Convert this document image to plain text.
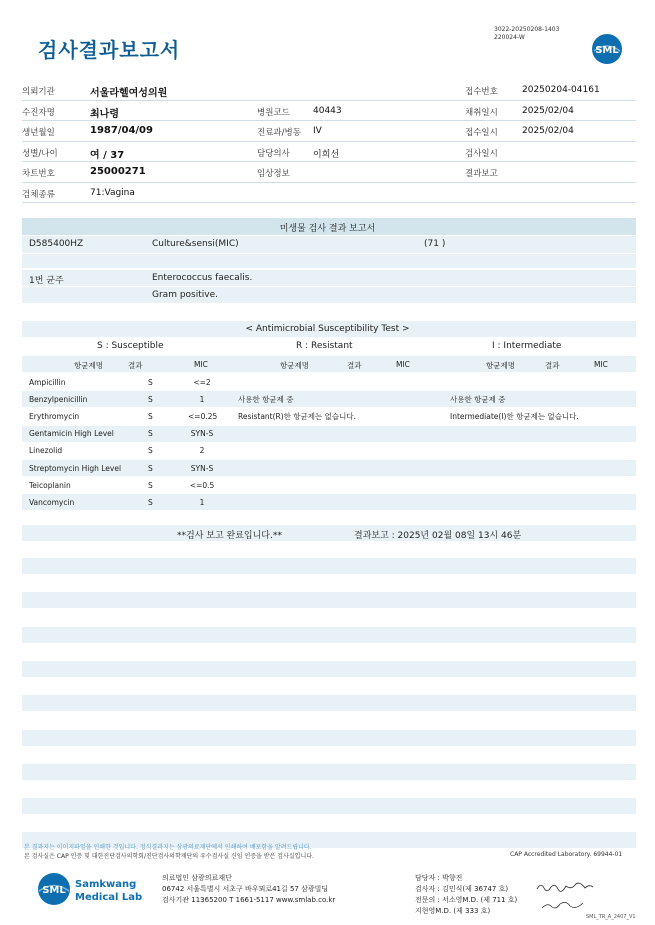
검사결과보고서
3022-20250208-1403
220024-W
SML
의뢰기관	서울라헬여성의원	접수번호	20250204-04161
수진자명	최나령	병원코드	40443	채취일시	2025/02/04
생년월일	1987/04/09	진료과/병동 IV	접수일시	2025/02/04
성별/나이	여 / 37	담당의사	이희선	검사일시
차트번호	25000271	임상정보	결과보고
검체종류	71:Vagina
미생물 검사 결과 보고서
D585400HZ	Culture&sensi(MIC)	(71 )
1번 균주	Enterococcus faecalis.
Gram positive.
< Antimicrobial Susceptibility Test >
S : Susceptible	R : Resistant	I : Intermediate
항균제명	결과	MIC	항균제명	결과	MIC	항균제명	결과	MIC
Ampicillin	S	<=2
Benzylpenicillin	S	1
Erythromycin	S	<=0.25
Gentamicin High Level	S	SYN-S
Linezolid	S	2
Streptomycin High Level	S	SYN-S
Teicoplanin	S	<=0.5
Vancomycin	S	1
사용한 항균제 중
Resistant(R)한 항균제는 없습니다.
사용한 항균제 중
Intermediate(I)한 항균제는 없습니다.
**검사 보고 완료입니다.**	결과보고 : 2025년 02월 08일 13시 46분
본 결과지는 이미지파일을 인쇄한 것입니다. 정식결과지는 삼광의료재단에서 인쇄하여 배포함을 알려드립니다.
본 검사실은 CAP 인증 및 대한진단검사의학회/진단검사의학재단의 우수검사실 신임 인증을 받은 검사실입니다.	CAP Accredited Laboratory. 69944-01
SML
Samkwang
Medical Lab
의료법인 삼광의료재단
06742 서울특별시 서초구 바우뫼로41길 57 삼광빌딩
검사기관 11365200 T 1661-5117 www.smlab.co.kr
담당자 : 박향진
검사자 : 김민식(제 36747 호)
전문의 : 서소영M.D. (제 711 호)
지현영M.D. (제 333 호)
SML_TR_A_2407_V1
